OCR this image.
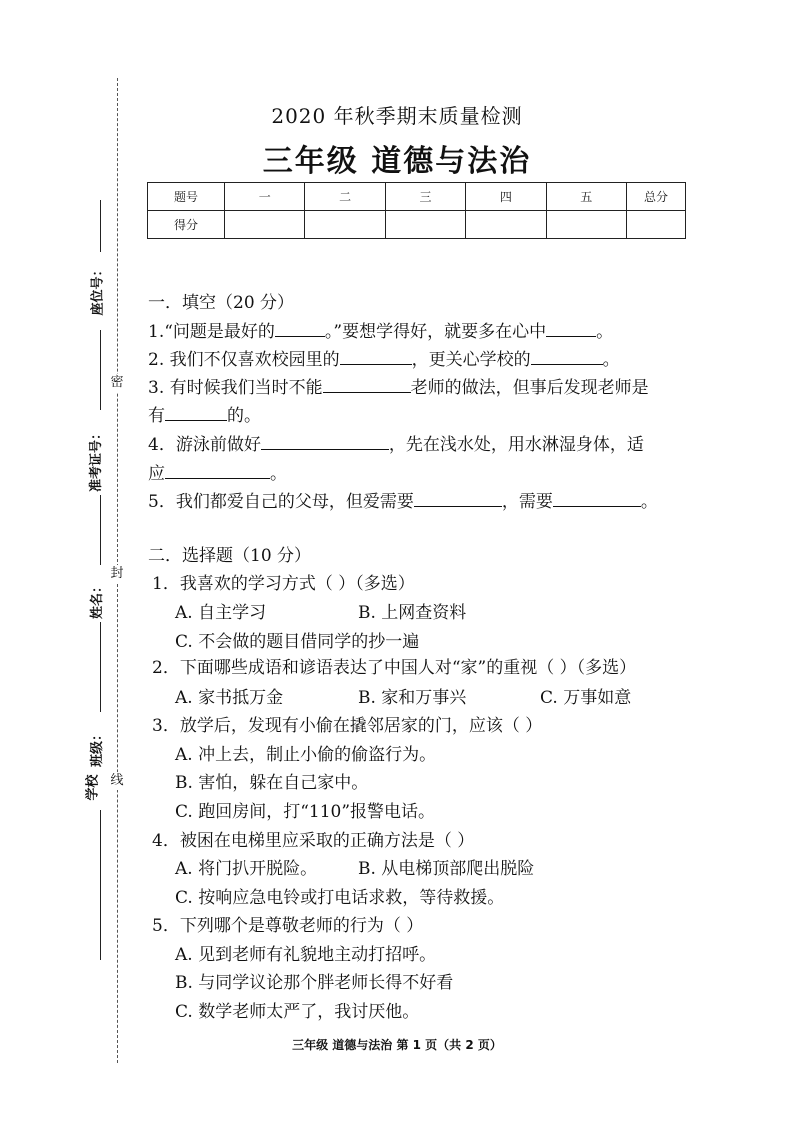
座位号：
准考证号：
姓名：
班级：
学校
密
封
线
2020 年秋季期末质量检测
三年级 道德与法治
题号	一	二	三	四	五	总分
得分						
一．填空（20 分）
1.“问题是最好的	。”要想学得好，就要多在心中	。
2. 我们不仅喜欢校园里的	，更关心学校的	。
3. 有时候我们当时不能	老师的做法，但事后发现老师是
有	的。
4．游泳前做好	，先在浅水处，用水淋湿身体，适
应	。
5．我们都爱自己的父母，但爱需要	，需要	。
二．选择题（10 分）
1．我喜欢的学习方式（ ）（多选）
A. 自主学习	B. 上网查资料
C. 不会做的题目借同学的抄一遍
2．下面哪些成语和谚语表达了中国人对“家”的重视（ ）（多选）
A. 家书抵万金	B. 家和万事兴	C. 万事如意
3．放学后，发现有小偷在撬邻居家的门，应该（ ）
A. 冲上去，制止小偷的偷盗行为。
B. 害怕，躲在自己家中。
C. 跑回房间，打“110”报警电话。
4．被困在电梯里应采取的正确方法是（ ）
A. 将门扒开脱险。 B. 从电梯顶部爬出脱险
C. 按响应急电铃或打电话求救，等待救援。
5．下列哪个是尊敬老师的行为（ ）
A. 见到老师有礼貌地主动打招呼。
B. 与同学议论那个胖老师长得不好看
C. 数学老师太严了，我讨厌他。
三年级 道德与法治 第 1 页（共 2 页）
